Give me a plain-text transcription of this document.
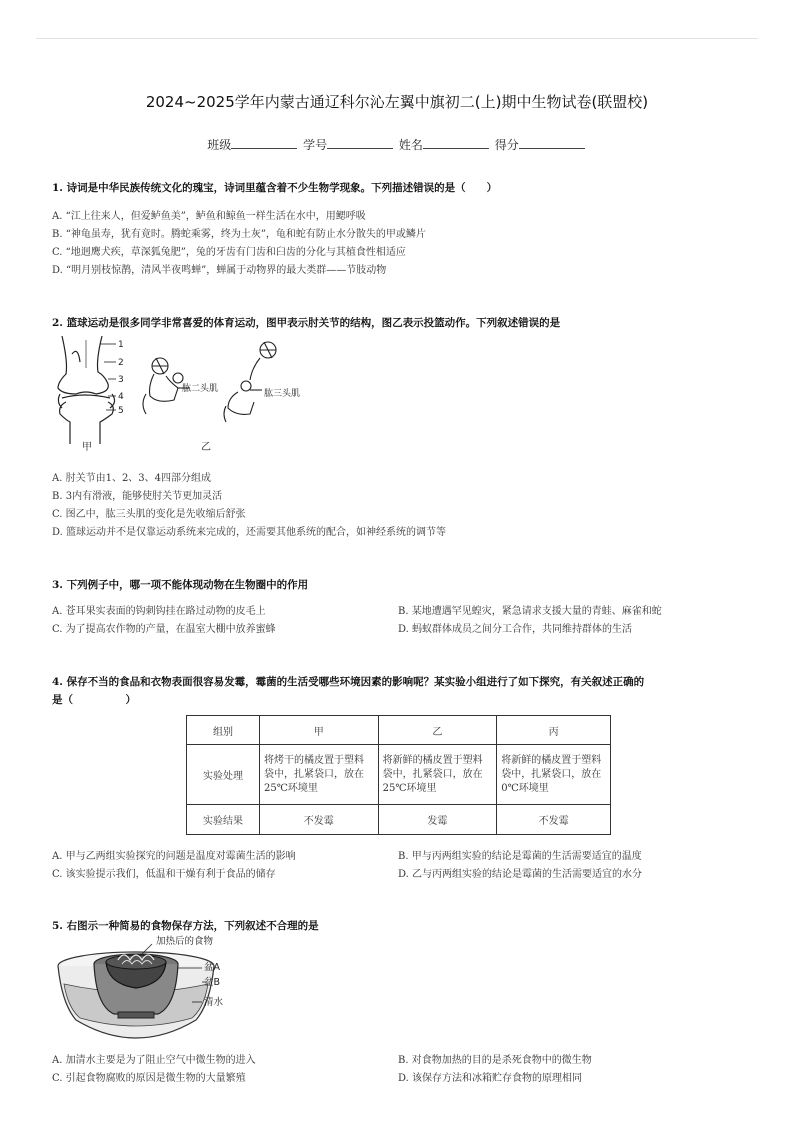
2024~2025学年内蒙古通辽科尔沁左翼中旗初二(上)期中生物试卷(联盟校)
班级	学号	姓名	得分
1. 诗词是中华民族传统文化的瑰宝，诗词里蕴含着不少生物学现象。下列描述错误的是（　　）
A. “江上往来人，但爱鲈鱼美”，鲈鱼和鲸鱼一样生活在水中，用鳃呼吸
B. “神龟虽寿，犹有竟时。腾蛇乘雾，终为土灰”，龟和蛇有防止水分散失的甲或鳞片
C. “地迥鹰犬疾，草深狐兔肥”，兔的牙齿有门齿和臼齿的分化与其植食性相适应
D. “明月别枝惊鹊，清风半夜鸣蝉”，蝉属于动物界的最大类群——节肢动物
2. 篮球运动是很多同学非常喜爱的体育运动，图甲表示肘关节的结构，图乙表示投篮动作。下列叙述错误的是
1
2
3
4
5
甲	乙
肱二头肌	肱三头肌
A. 肘关节由1、2、3、4四部分组成
B. 3内有滑液，能够使肘关节更加灵活
C. 图乙中，肱三头肌的变化是先收缩后舒张
D. 篮球运动并不是仅靠运动系统来完成的，还需要其他系统的配合，如神经系统的调节等
3. 下列例子中，哪一项不能体现动物在生物圈中的作用
A. 苍耳果实表面的钩刺钩挂在路过动物的皮毛上	B. 某地遭遇罕见蝗灾，紧急请求支援大量的青蛙、麻雀和蛇
C. 为了提高农作物的产量，在温室大棚中放养蜜蜂	D. 蚂蚁群体成员之间分工合作，共同维持群体的生活
4. 保存不当的食品和衣物表面很容易发霉，霉菌的生活受哪些环境因素的影响呢？某实验小组进行了如下探究，有关叙述正确的
是（　　　　　）
组别	甲	乙	丙
实验处理	将烤干的橘皮置于塑料袋中，扎紧袋口，放在25℃环境里	将新鲜的橘皮置于塑料袋中，扎紧袋口，放在25℃环境里	将新鲜的橘皮置于塑料袋中，扎紧袋口，放在0℃环境里
实验结果	不发霉	发霉	不发霉
A. 甲与乙两组实验探究的问题是温度对霉菌生活的影响	B. 甲与丙两组实验的结论是霉菌的生活需要适宜的温度
C. 该实验提示我们，低温和干燥有利于食品的储存	D. 乙与丙两组实验的结论是霉菌的生活需要适宜的水分
5. 右图示一种简易的食物保存方法，下列叙述不合理的是
加热后的食物
盆A
盆B
清水
A. 加清水主要是为了阻止空气中微生物的进入	B. 对食物加热的目的是杀死食物中的微生物
C. 引起食物腐败的原因是微生物的大量繁殖	D. 该保存方法和冰箱贮存食物的原理相同
